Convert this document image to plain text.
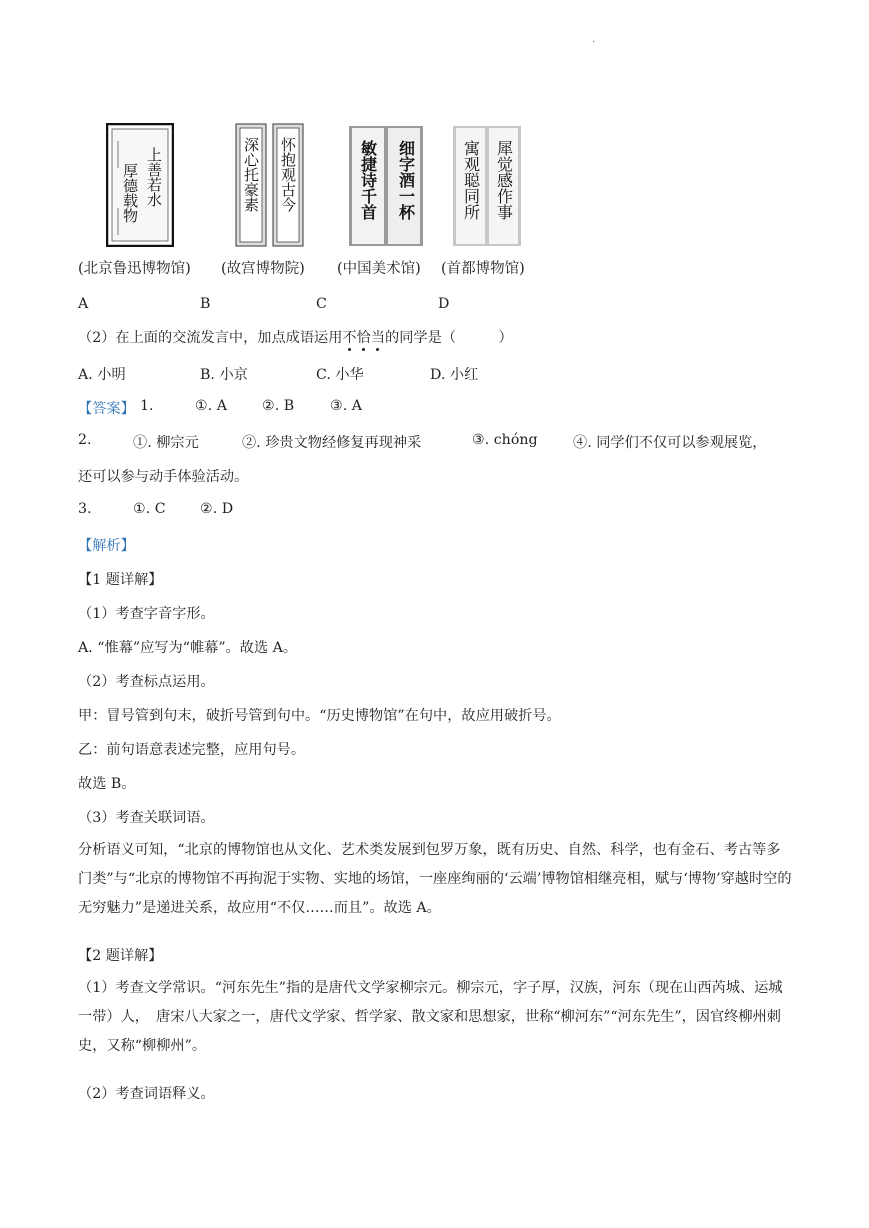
.
上善若水
厚德载物	深心托豪素 怀抱观古今	细字酒一杯
敏捷诗千首	犀觉感作事
寓观聪同所
(北京鲁迅博物馆) (故宫博物院) (中国美术馆) (首都博物馆)
A	B	C	D
（2）在上面的交流发言中，加点成语运用不恰当的同学是（　　　）
A. 小明	B. 小京	C. 小华	D. 小红
【答案】 1.	①. A ②. B	③. A
2.	①. 柳宗元	②. 珍贵文物经修复再现神采	③. chóng ④. 同学们不仅可以参观展览，
还可以参与动手体验活动。
3.	①. C ②. D
【解析】
【1 题详解】
（1）考查字音字形。
A. “惟幕”应写为“帷幕”。故选 A。
（2）考查标点运用。
甲：冒号管到句末，破折号管到句中。“历史博物馆”在句中，故应用破折号。
乙：前句语意表述完整，应用句号。
故选 B。
（3）考查关联词语。
分析语义可知，“北京的博物馆也从文化、艺术类发展到包罗万象，既有历史、自然、科学，也有金石、考古等多门类”与“北京的博物馆不再拘泥于实物、实地的场馆，一座座绚丽的‘云端’博物馆相继亮相，赋与‘博物’穿越时空的无穷魅力”是递进关系，故应用“不仅……而且”。故选 A。
【2 题详解】
（1）考查文学常识。“河东先生”指的是唐代文学家柳宗元。柳宗元，字子厚，汉族，河东（现在山西芮城、运城一带）人，　唐宋八大家之一，唐代文学家、哲学家、散文家和思想家，世称“柳河东”“河东先生”，因官终柳州刺史，又称“柳柳州”。
（2）考查词语释义。
